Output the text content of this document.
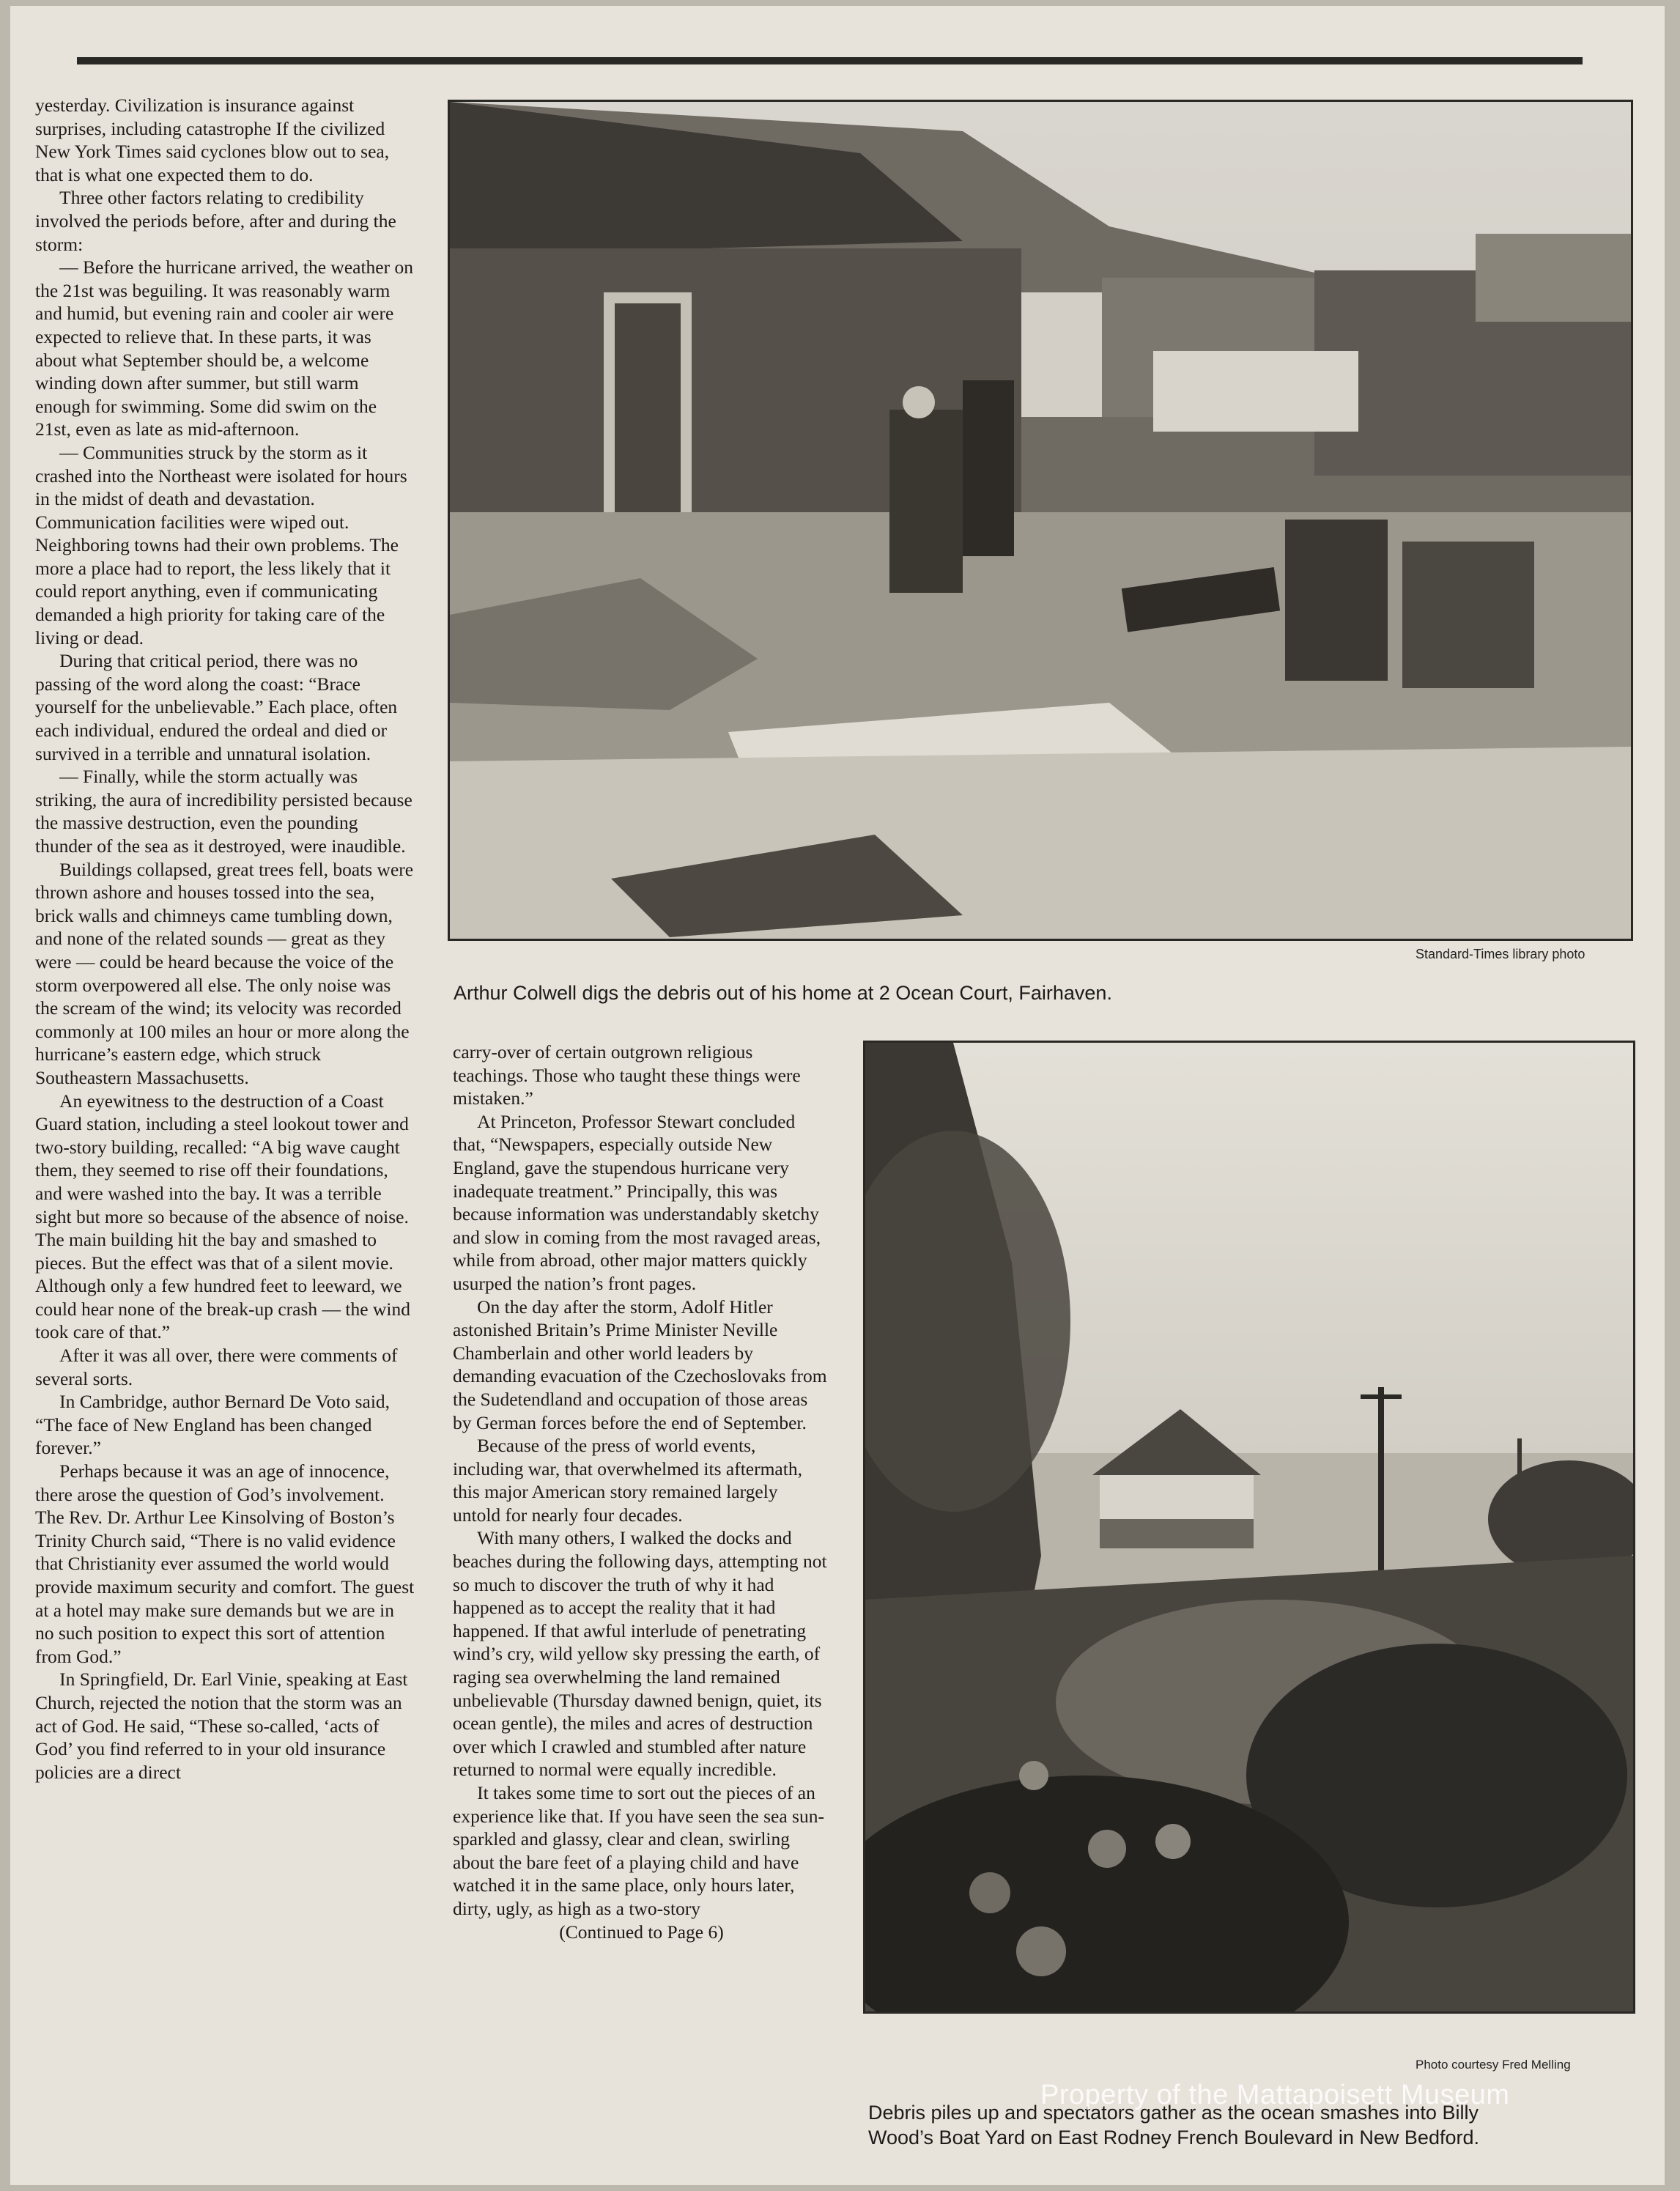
yesterday. Civilization is insurance against surprises, including catastrophe If the civilized New York Times said cyclones blow out to sea, that is what one expected them to do.

Three other factors relating to credibility involved the periods before, after and during the storm:

— Before the hurricane arrived, the weather on the 21st was beguiling. It was reasonably warm and humid, but evening rain and cooler air were expected to relieve that. In these parts, it was about what September should be, a welcome winding down after summer, but still warm enough for swimming. Some did swim on the 21st, even as late as mid-afternoon.

— Communities struck by the storm as it crashed into the Northeast were isolated for hours in the midst of death and devastation. Communication facilities were wiped out. Neighboring towns had their own problems. The more a place had to report, the less likely that it could report anything, even if communicating demanded a high priority for taking care of the living or dead.

During that critical period, there was no passing of the word along the coast: “Brace yourself for the unbelievable.” Each place, often each individual, endured the ordeal and died or survived in a terrible and unnatural isolation.

— Finally, while the storm actually was striking, the aura of incredibility persisted because the massive destruction, even the pounding thunder of the sea as it destroyed, were inaudible.

Buildings collapsed, great trees fell, boats were thrown ashore and houses tossed into the sea, brick walls and chimneys came tumbling down, and none of the related sounds — great as they were — could be heard because the voice of the storm overpowered all else. The only noise was the scream of the wind; its velocity was recorded commonly at 100 miles an hour or more along the hurricane’s eastern edge, which struck Southeastern Massachusetts.

An eyewitness to the destruction of a Coast Guard station, including a steel lookout tower and two-story building, recalled: “A big wave caught them, they seemed to rise off their foundations, and were washed into the bay. It was a terrible sight but more so because of the absence of noise. The main building hit the bay and smashed to pieces. But the effect was that of a silent movie. Although only a few hundred feet to leeward, we could hear none of the break-up crash — the wind took care of that.”

After it was all over, there were comments of several sorts.

In Cambridge, author Bernard De Voto said, “The face of New England has been changed forever.”

Perhaps because it was an age of innocence, there arose the question of God’s involvement. The Rev. Dr. Arthur Lee Kinsolving of Boston’s Trinity Church said, “There is no valid evidence that Christianity ever assumed the world would provide maximum security and comfort. The guest at a hotel may make sure demands but we are in no such position to expect this sort of attention from God.”

In Springfield, Dr. Earl Vinie, speaking at East Church, rejected the notion that the storm was an act of God. He said, “These so-called, ‘acts of God’ you find referred to in your old insurance policies are a direct

carry-over of certain outgrown religious teachings. Those who taught these things were mistaken.”

At Princeton, Professor Stewart concluded that, “Newspapers, especially outside New England, gave the stupendous hurricane very inadequate treatment.” Principally, this was because information was understandably sketchy and slow in coming from the most ravaged areas, while from abroad, other major matters quickly usurped the nation’s front pages.

On the day after the storm, Adolf Hitler astonished Britain’s Prime Minister Neville Chamberlain and other world leaders by demanding evacuation of the Czechoslovaks from the Sudetendland and occupation of those areas by German forces before the end of September.

Because of the press of world events, including war, that overwhelmed its aftermath, this major American story remained largely untold for nearly four decades.

With many others, I walked the docks and beaches during the following days, attempting not so much to discover the truth of why it had happened as to accept the reality that it had happened. If that awful interlude of penetrating wind’s cry, wild yellow sky pressing the earth, of raging sea overwhelming the land remained unbelievable (Thursday dawned benign, quiet, its ocean gentle), the miles and acres of destruction over which I crawled and stumbled after nature returned to normal were equally incredible.

It takes some time to sort out the pieces of an experience like that. If you have seen the sea sun-sparkled and glassy, clear and clean, swirling about the bare feet of a playing child and have watched it in the same place, only hours later, dirty, ugly, as high as a two-story

(Continued to Page 6)

Standard-Times library photo
Arthur Colwell digs the debris out of his home at 2 Ocean Court, Fairhaven.
Photo courtesy Fred Melling
Debris piles up and spectators gather as the ocean smashes into Billy
Wood’s Boat Yard on East Rodney French Boulevard in New Bedford.
Property of the Mattapoisett Museum
